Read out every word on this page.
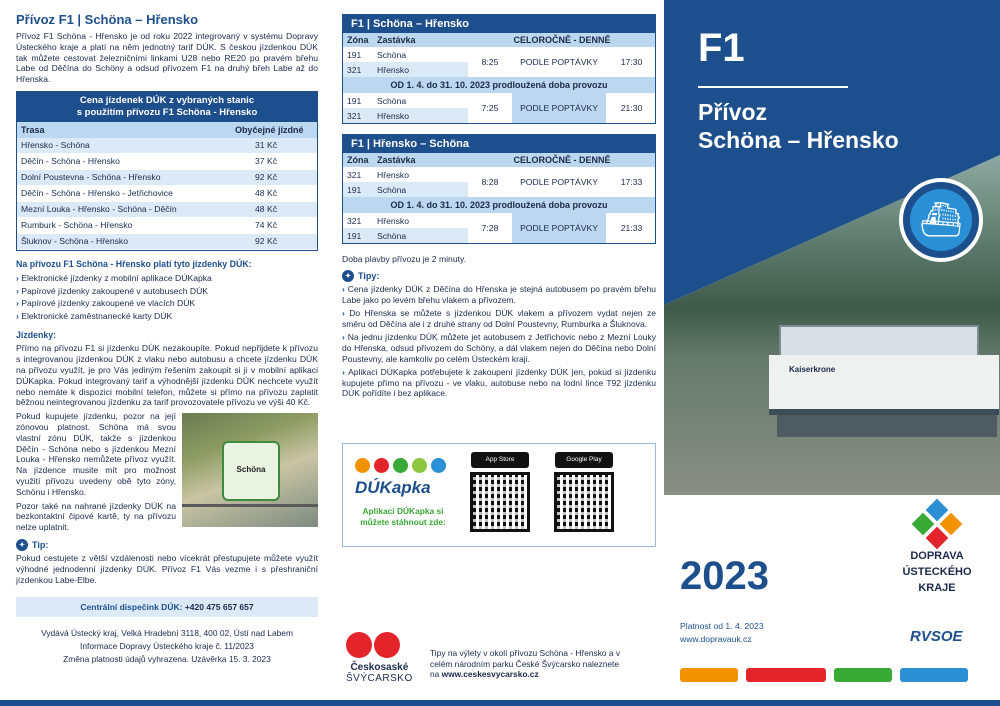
Přívoz F1 | Schöna – Hřensko

Přívoz F1 Schöna - Hřensko je od roku 2022 integrovaný v systému Dopravy Ústeckého kraje a platí na něm jednotný tarif DÚK. S českou jízdenkou DÚK tak můžete cestovat železničními linkami U28 nebo RE20 po pravém břehu Labe od Děčína do Schöny a odsud přívozem F1 na druhý břeh Labe až do Hřenska.

Cena jízdenek DÚK z vybraných stanic
s použitím přívozu F1 Schöna - Hřensko
Trasa	Obyčejné jízdné
Hřensko - Schöna	31 Kč
Děčín - Schöna - Hřensko	37 Kč
Dolní Poustevna - Schöna - Hřensko	92 Kč
Děčín - Schöna - Hřensko - Jetřichovice	48 Kč
Mezní Louka - Hřensko - Schöna - Děčín	48 Kč
Rumburk - Schöna - Hřensko	74 Kč
Šluknov - Schöna - Hřensko	92 Kč
Na přívozu F1 Schöna - Hřensko platí tyto jízdenky DÚK:
› Elektronické jízdenky z mobilní aplikace DÚKapka
› Papírové jízdenky zakoupené v autobusech DÚK
› Papírové jízdenky zakoupené ve vlacích DÚK
› Elektronické zaměstnanecké karty DÚK
Jízdenky:

Přímo na přívozu F1 si jízdenku DÚK nezakoupíte. Pokud nepřijdete k přívozu s integrovanou jízdenkou DÚK z vlaku nebo autobusu a chcete jízdenku DÚK na přívozu využít, je pro Vás jediným řešením zakoupit si ji v mobilní aplikaci DÚKapka. Pokud integrovaný tarif a výhodnější jízdenku DÚK nechcete využít nebo nemáte k dispozici mobilní telefon, můžete si přímo na přívozu zaplatit běžnou neintegrovanou jízdenku za tarif provozovatele přívozu ve výši 40 Kč.

Schöna

Pokud kupujete jízdenku, pozor na její zónovou platnost. Schöna má svou vlastní zónu DÚK, takže s jízdenkou Děčín - Schöna nebo s jízdenkou Mezní Louka - Hřensko nemůžete přívoz využít. Na jízdence musite mít pro možnost využití přívozu uvedeny obě tyto zóny, Schönu i Hřensko.

Pozor také na nahrané jízdenky DÚK na bezkontaktní čipové kartě, ty na přívozu nelze uplatnit.

✦ Tip:

Pokud cestujete z větší vzdálenosti nebo vícekrát přestupujete můžete využít výhodné jednodenní jízdenky DÚK. Přívoz F1 Vás vezme i s přeshraniční jízdenkou Labe-Elbe.

Centrální dispečink DÚK: +420 475 657 657
Vydává Ústecký kraj, Velká Hradební 3118, 400 02, Ústí nad Labem
Informace Dopravy Ústeckého kraje č. 11/2023
Změna platnosti údajů vyhrazena. Uzávěrka 15. 3. 2023
F1 | Schöna – Hřensko
Zóna	Zastávka	CELOROČNĚ - DENNĚ		
191	Schöna	8:25	PODLE POPTÁVKY	17:30
321	Hřensko			
OD 1. 4. do 31. 10. 2023 prodloužená doba provozu				
191	Schöna	7:25	PODLE POPTÁVKY	21:30
321	Hřensko			
F1 | Hřensko – Schöna
Zóna	Zastávka	CELOROČNĚ - DENNĚ		
321	Hřensko	8:28	PODLE POPTÁVKY	17:33
191	Schöna			
OD 1. 4. do 31. 10. 2023 prodloužená doba provozu				
321	Hřensko	7:28	PODLE POPTÁVKY	21:33
191	Schöna			
Doba plavby přívozu je 2 minuty.
✦ Tipy:
› Cena jízdenky DÚK z Děčína do Hřenska je stejná autobusem po pravém břehu Labe jako po levém břehu vlakem a přívozem.
› Do Hřenska se můžete s jízdenkou DÚK vlakem a přívozem vydat nejen ze směru od Děčína ale i z druhé strany od Dolní Poustevny, Rumburka a Šluknova.
› Na jednu jízdenku DÚK můžete jet autobusem z Jetřichovic nebo z Mezní Louky do Hřenska, odsud přívozem do Schöny, a dál vlakem nejen do Děčína nebo Dolní Poustevny, ale kamkoliv po celém Ústeckém kraji.
› Aplikaci DÚKapka potřebujete k zakoupení jízdenky DÚK jen, pokud si jízdenku kupujete přímo na přívozu - ve vlaku, autobuse nebo na lodní lince T92 jízdenku DÚK pořídíte i bez aplikace.
DÚKapka
Aplikaci DÚKapka si můžete stáhnout zde:
App Store	Google Play
Českosaské
ŠVÝCARSKO
Tipy na výlety v okolí přívozu Schöna - Hřensko a v celém národním parku České Švýcarsko naleznete na www.ceskesvycarsko.cz
Kaiserkrone
F1
Přívoz
Schöna – Hřensko
⛴
2023	DOPRAVA
ÚSTECKÉHO
KRAJE
Platnost od 1. 4. 2023
www.dopravauk.cz	RVSOE
